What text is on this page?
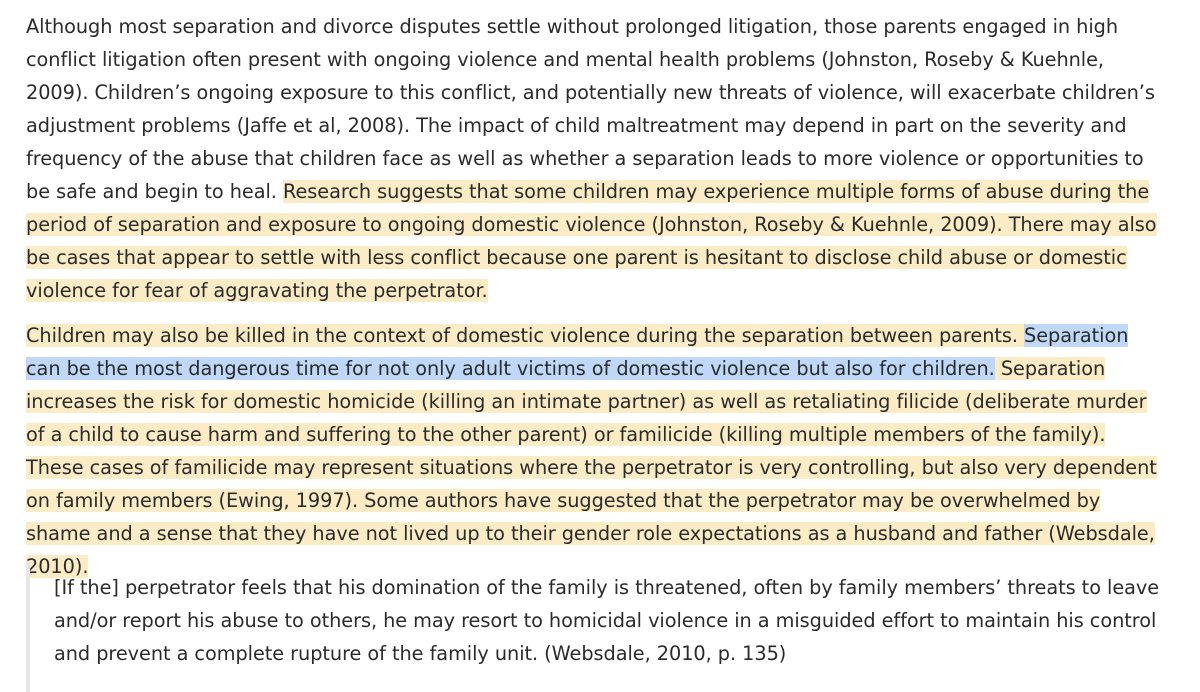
Although most separation and divorce disputes settle without prolonged litigation, those parents engaged in high conflict litigation often present with ongoing violence and mental health problems (Johnston, Roseby & Kuehnle, 2009). Children’s ongoing exposure to this conflict, and potentially new threats of violence, will exacerbate children’s adjustment problems (Jaffe et al, 2008). The impact of child maltreatment may depend in part on the severity and frequency of the abuse that children face as well as whether a separation leads to more violence or opportunities to be safe and begin to heal. Research suggests that some children may experience multiple forms of abuse during the period of separation and exposure to ongoing domestic violence (Johnston, Roseby & Kuehnle, 2009). There may also be cases that appear to settle with less conflict because one parent is hesitant to disclose child abuse or domestic violence for fear of aggravating the perpetrator.

Children may also be killed in the context of domestic violence during the separation between parents. Separation can be the most dangerous time for not only adult victims of domestic violence but also for children. Separation increases the risk for domestic homicide (killing an intimate partner) as well as retaliating filicide (deliberate murder of a child to cause harm and suffering to the other parent) or familicide (killing multiple members of the family). These cases of familicide may represent situations where the perpetrator is very controlling, but also very dependent on family members (Ewing, 1997). Some authors have suggested that the perpetrator may be overwhelmed by shame and a sense that they have not lived up to their gender role expectations as a husband and father (Websdale, 2010).

[If the] perpetrator feels that his domination of the family is threatened, often by family members’ threats to leave and/or report his abuse to others, he may resort to homicidal violence in a misguided effort to maintain his control and prevent a complete rupture of the family unit. (Websdale, 2010, p. 135)
